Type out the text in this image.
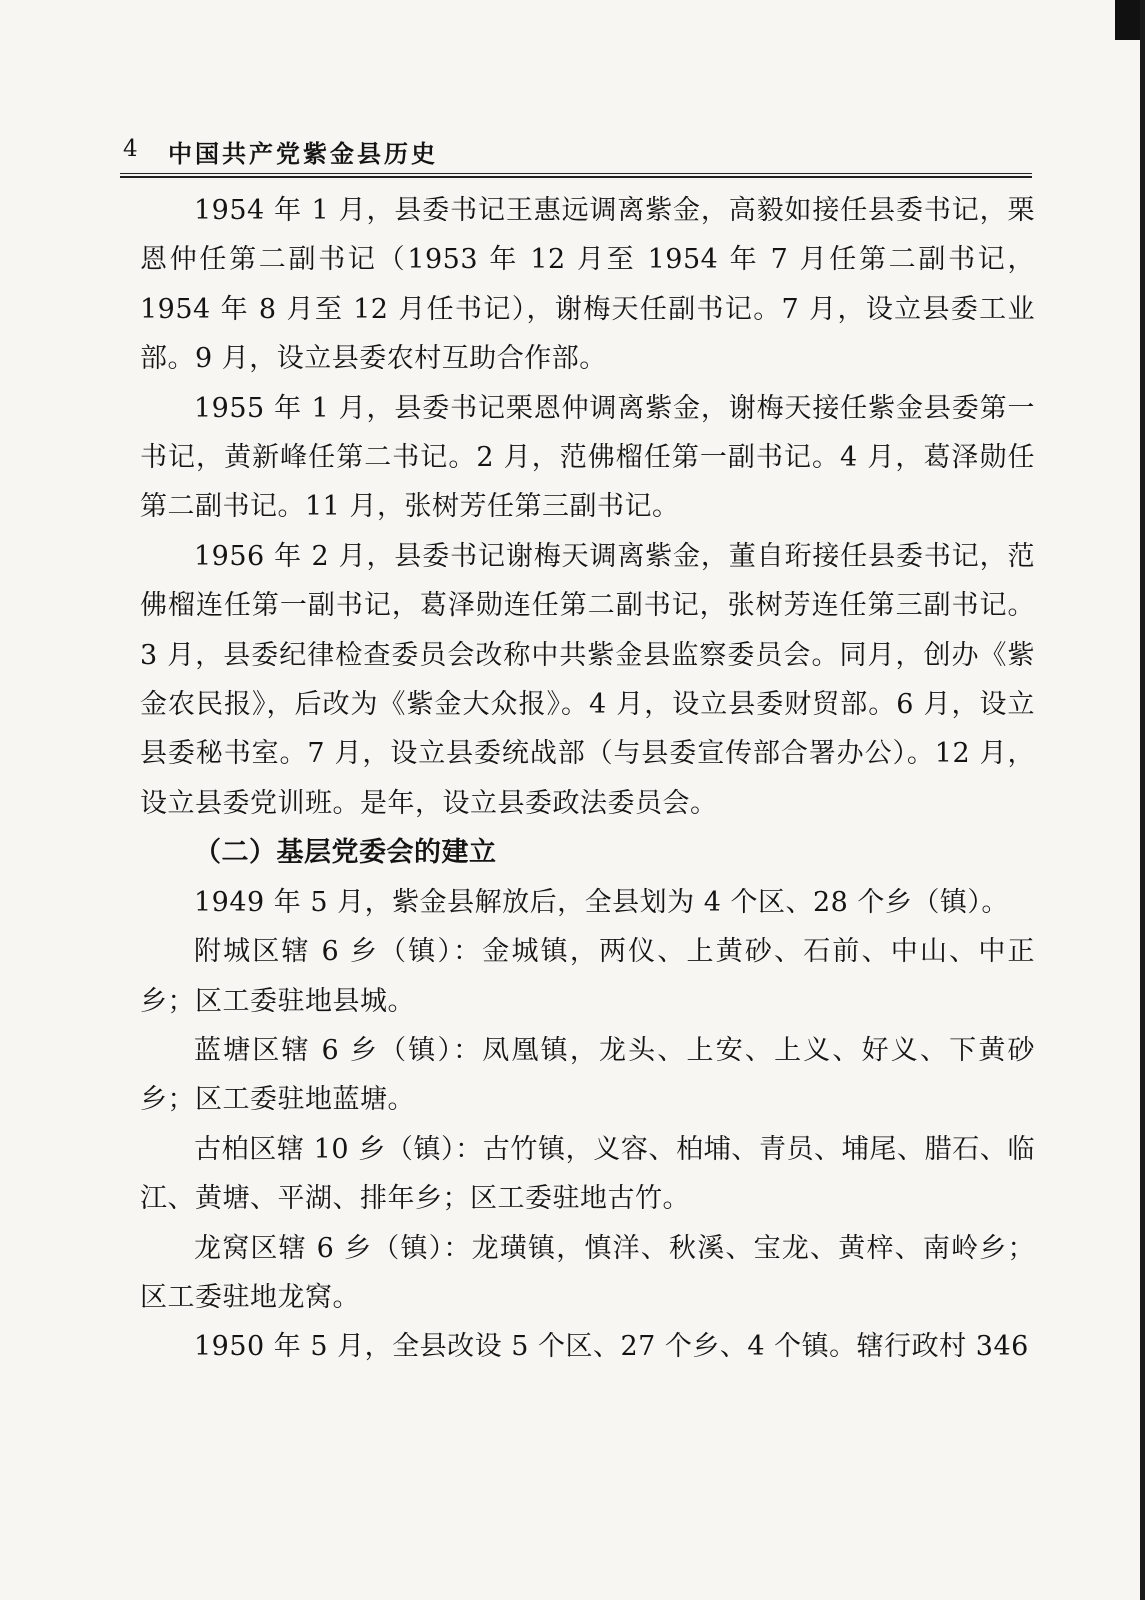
4 中国共产党紫金县历史

1954 年 1 月，县委书记王惠远调离紫金，高毅如接任县委书记，栗恩仲任第二副书记（1953 年 12 月至 1954 年 7 月任第二副书记，1954 年 8 月至 12 月任书记），谢梅天任副书记。7 月，设立县委工业部。9 月，设立县委农村互助合作部。

1955 年 1 月，县委书记栗恩仲调离紫金，谢梅天接任紫金县委第一书记，黄新峰任第二书记。2 月，范佛榴任第一副书记。4 月，葛泽勋任第二副书记。11 月，张树芳任第三副书记。

1956 年 2 月，县委书记谢梅天调离紫金，董自珩接任县委书记，范佛榴连任第一副书记，葛泽勋连任第二副书记，张树芳连任第三副书记。3 月，县委纪律检查委员会改称中共紫金县监察委员会。同月，创办《紫金农民报》，后改为《紫金大众报》。4 月，设立县委财贸部。6 月，设立县委秘书室。7 月，设立县委统战部（与县委宣传部合署办公）。12 月，设立县委党训班。是年，设立县委政法委员会。

（二）基层党委会的建立

1949 年 5 月，紫金县解放后，全县划为 4 个区、28 个乡（镇）。

附城区辖 6 乡（镇）：金城镇，两仪、上黄砂、石前、中山、中正乡；区工委驻地县城。

蓝塘区辖 6 乡（镇）：凤凰镇，龙头、上安、上义、好义、下黄砂乡；区工委驻地蓝塘。

古柏区辖 10 乡（镇）：古竹镇，义容、柏埔、青员、埔尾、腊石、临江、黄塘、平湖、排年乡；区工委驻地古竹。

龙窝区辖 6 乡（镇）：龙璜镇，慎洋、秋溪、宝龙、黄梓、南岭乡；区工委驻地龙窝。

1950 年 5 月，全县改设 5 个区、27 个乡、4 个镇。辖行政村 346
